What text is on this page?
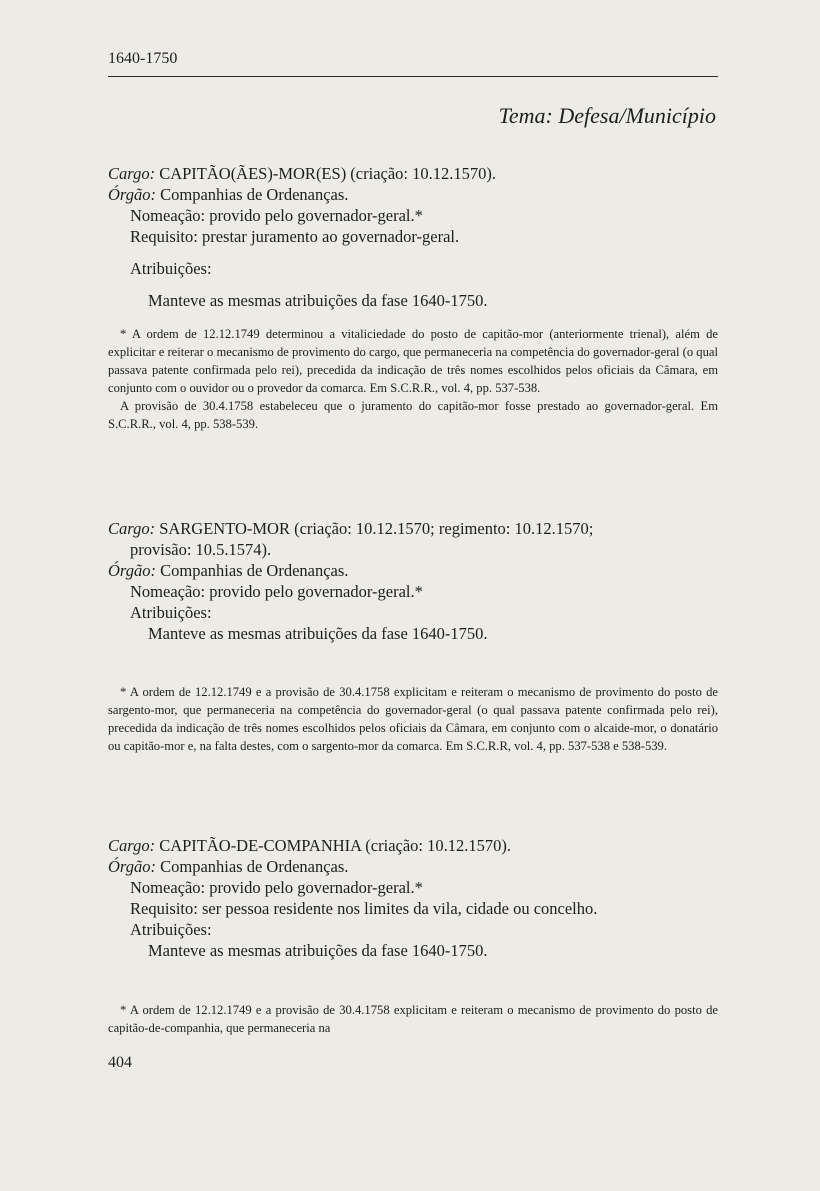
1640-1750
Tema: Defesa/Município
Cargo: CAPITÃO(ÃES)-MOR(ES) (criação: 10.12.1570).
Órgão: Companhias de Ordenanças.
Nomeação: provido pelo governador-geral.*
Requisito: prestar juramento ao governador-geral.
Atribuições:
Manteve as mesmas atribuições da fase 1640-1750.

* A ordem de 12.12.1749 determinou a vitaliciedade do posto de capitão-mor (anteriormente trienal), além de explicitar e reiterar o mecanismo de provimento do cargo, que permaneceria na competência do governador-geral (o qual passava patente confirmada pelo rei), precedida da indicação de três nomes escolhidos pelos oficiais da Câmara, em conjunto com o ouvidor ou o provedor da comarca. Em S.C.R.R., vol. 4, pp. 537-538.

A provisão de 30.4.1758 estabeleceu que o juramento do capitão-mor fosse prestado ao governador-geral. Em S.C.R.R., vol. 4, pp. 538-539.

Cargo: SARGENTO-MOR (criação: 10.12.1570; regimento: 10.12.1570;
provisão: 10.5.1574).
Órgão: Companhias de Ordenanças.
Nomeação: provido pelo governador-geral.*
Atribuições:
Manteve as mesmas atribuições da fase 1640-1750.

* A ordem de 12.12.1749 e a provisão de 30.4.1758 explicitam e reiteram o mecanismo de provimento do posto de sargento-mor, que permaneceria na competência do governador-geral (o qual passava patente confirmada pelo rei), precedida da indicação de três nomes escolhidos pelos oficiais da Câmara, em conjunto com o alcaide-mor, o donatário ou capitão-mor e, na falta destes, com o sargento-mor da comarca. Em S.C.R.R, vol. 4, pp. 537-538 e 538-539.

Cargo: CAPITÃO-DE-COMPANHIA (criação: 10.12.1570).
Órgão: Companhias de Ordenanças.
Nomeação: provido pelo governador-geral.*
Requisito: ser pessoa residente nos limites da vila, cidade ou concelho.
Atribuições:
Manteve as mesmas atribuições da fase 1640-1750.

* A ordem de 12.12.1749 e a provisão de 30.4.1758 explicitam e reiteram o mecanismo de provimento do posto de capitão-de-companhia, que permaneceria na

404
